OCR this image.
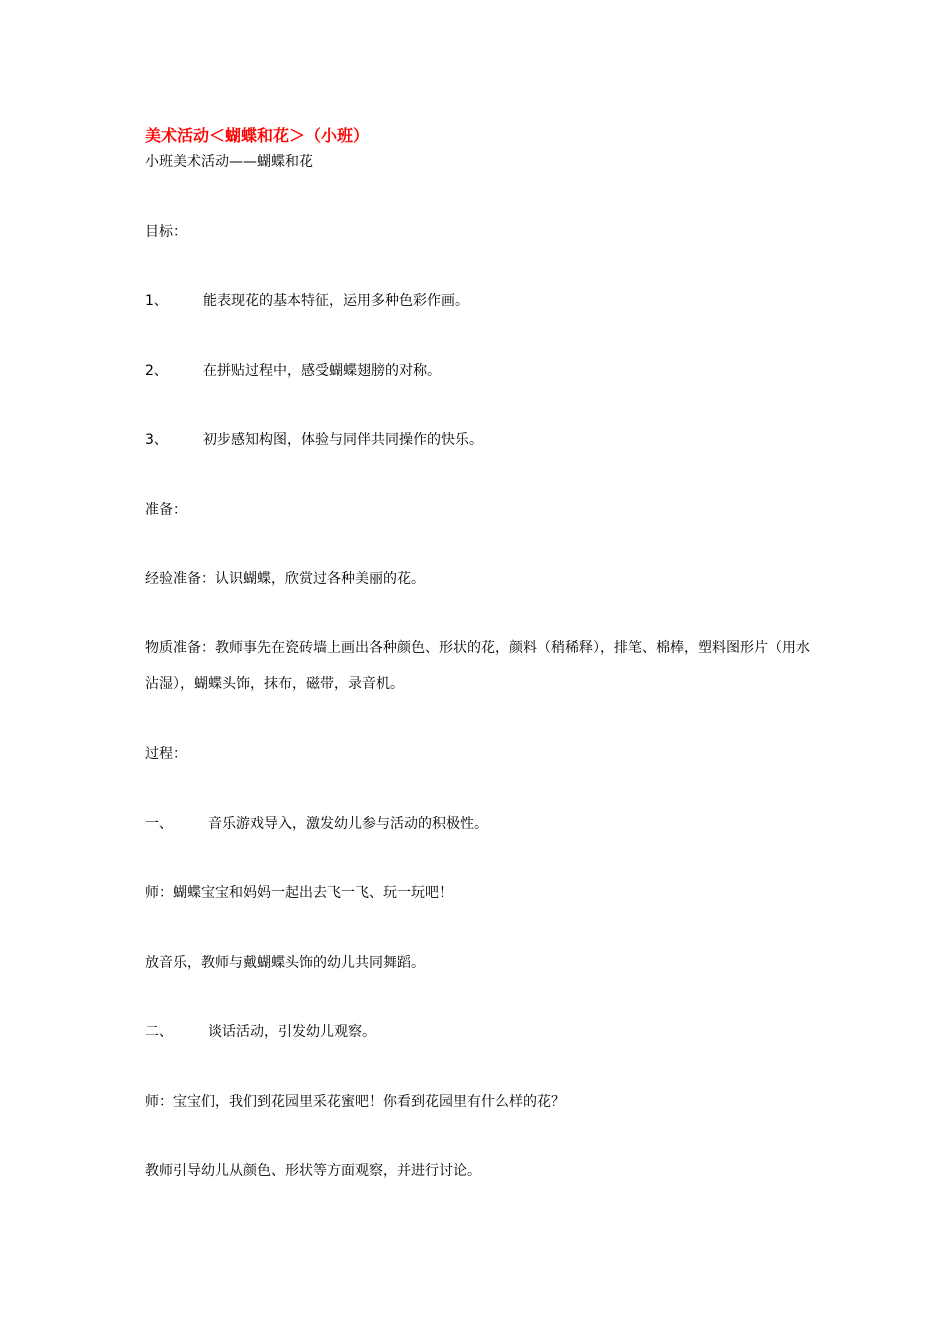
美术活动＜蝴蝶和花＞（小班）
小班美术活动——蝴蝶和花
目标：
1、	能表现花的基本特征，运用多种色彩作画。
2、	在拼贴过程中，感受蝴蝶翅膀的对称。
3、	初步感知构图，体验与同伴共同操作的快乐。
准备：
经验准备：认识蝴蝶，欣赏过各种美丽的花。
物质准备：教师事先在瓷砖墙上画出各种颜色、形状的花，颜料（稍稀释），排笔、棉棒，塑料图形片（用水沾湿），蝴蝶头饰，抹布，磁带，录音机。
过程：
一、	音乐游戏导入，激发幼儿参与活动的积极性。
师：蝴蝶宝宝和妈妈一起出去飞一飞、玩一玩吧！
放音乐，教师与戴蝴蝶头饰的幼儿共同舞蹈。
二、	谈话活动，引发幼儿观察。
师：宝宝们，我们到花园里采花蜜吧！你看到花园里有什么样的花？
教师引导幼儿从颜色、形状等方面观察，并进行讨论。
